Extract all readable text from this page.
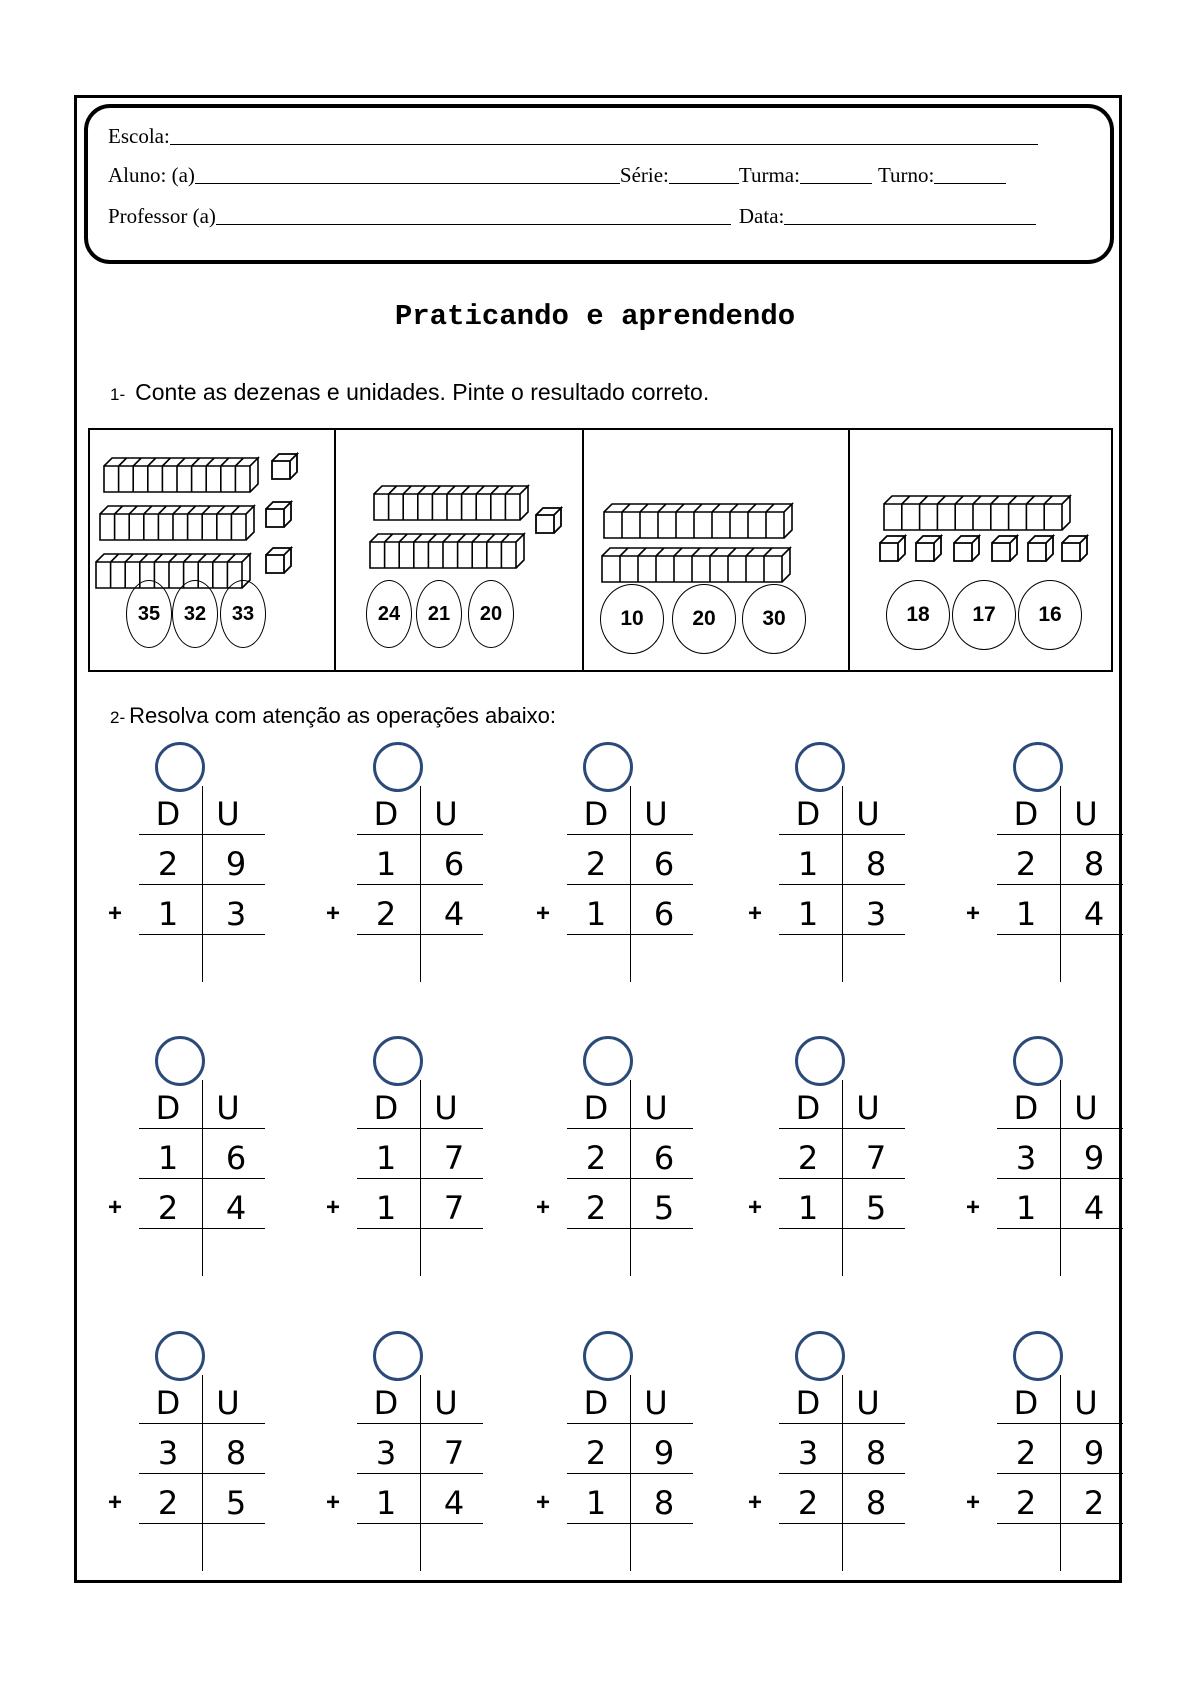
Escola:
Aluno: (a)	Série:	Turma:	Turno:
Professor (a)	Data:
Praticando e aprendendo
1- Conte as dezenas e unidades. Pinte o resultado correto.
35	32	33	24	21	20	10	20	30	18	17	16
2- Resolva com atenção as operações abaixo:
D	U
2	9
1	3
+
D	U
1	6
2	4
+
D	U
2	6
1	6
+
D	U
1	8
1	3
+
D	U
2	8
1	4
+
D	U
1	6
2	4
+
D	U
1	7
1	7
+
D	U
2	6
2	5
+
D	U
2	7
1	5
+
D	U
3	9
1	4
+
D	U
3	8
2	5
+
D	U
3	7
1	4
+
D	U
2	9
1	8
+
D	U
3	8
2	8
+
D	U
2	9
2	2
+
